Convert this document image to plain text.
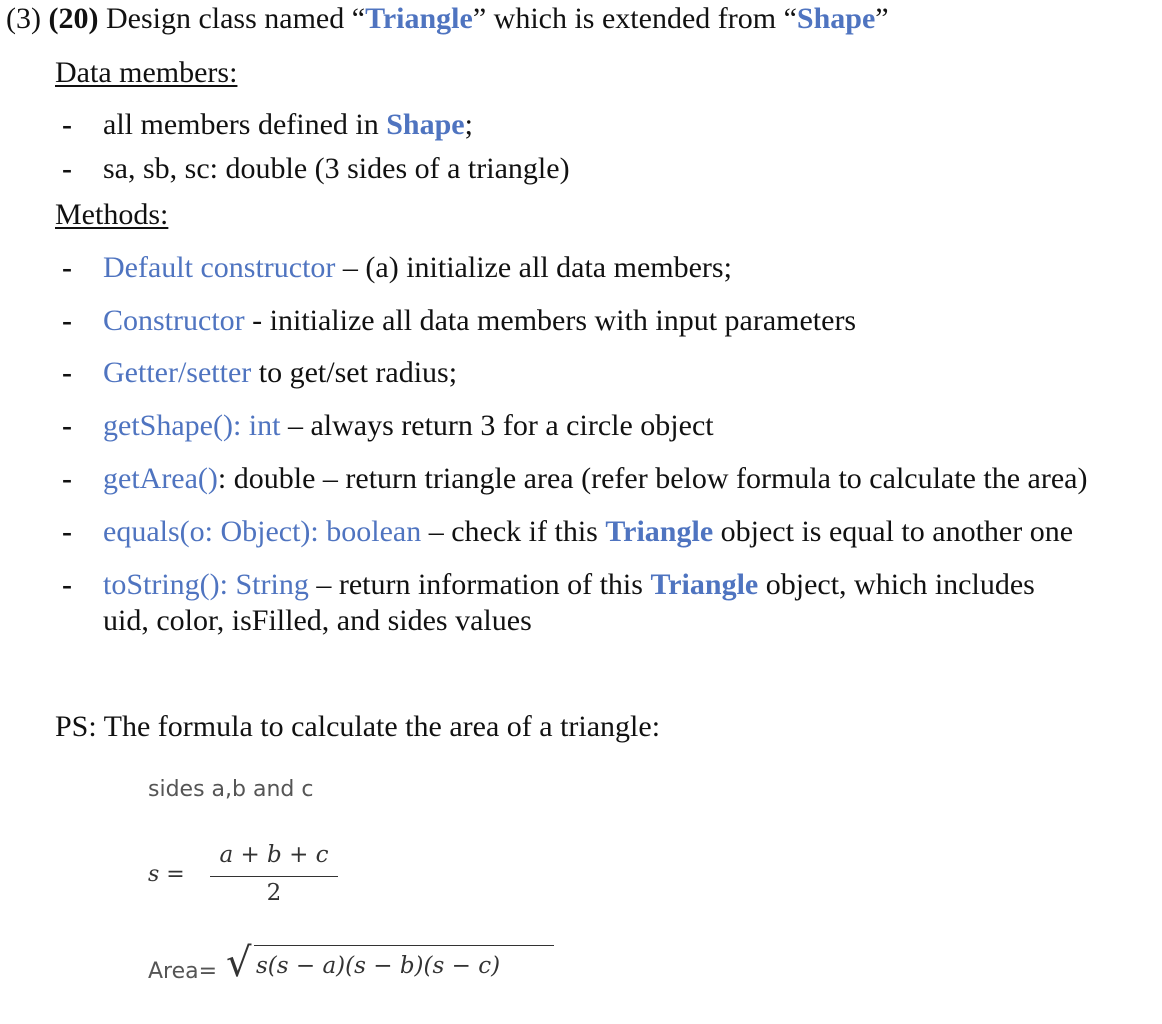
(3) (20) Design class named “Triangle” which is extended from “Shape”
Data members:
- all members defined in Shape;
- sa, sb, sc: double (3 sides of a triangle)
Methods:
- Default constructor – (a) initialize all data members;
- Constructor - initialize all data members with input parameters
- Getter/setter to get/set radius;
- getShape(): int – always return 3 for a circle object
- getArea(): double – return triangle area (refer below formula to calculate the area)
- equals(o: Object): boolean – check if this Triangle object is equal to another one
- toString(): String – return information of this Triangle object, which includes
uid, color, isFilled, and sides values
PS: The formula to calculate the area of a triangle:
sides a,b and c
s =
a + b + c
2
Area= √ s(s − a)(s − b)(s − c)
